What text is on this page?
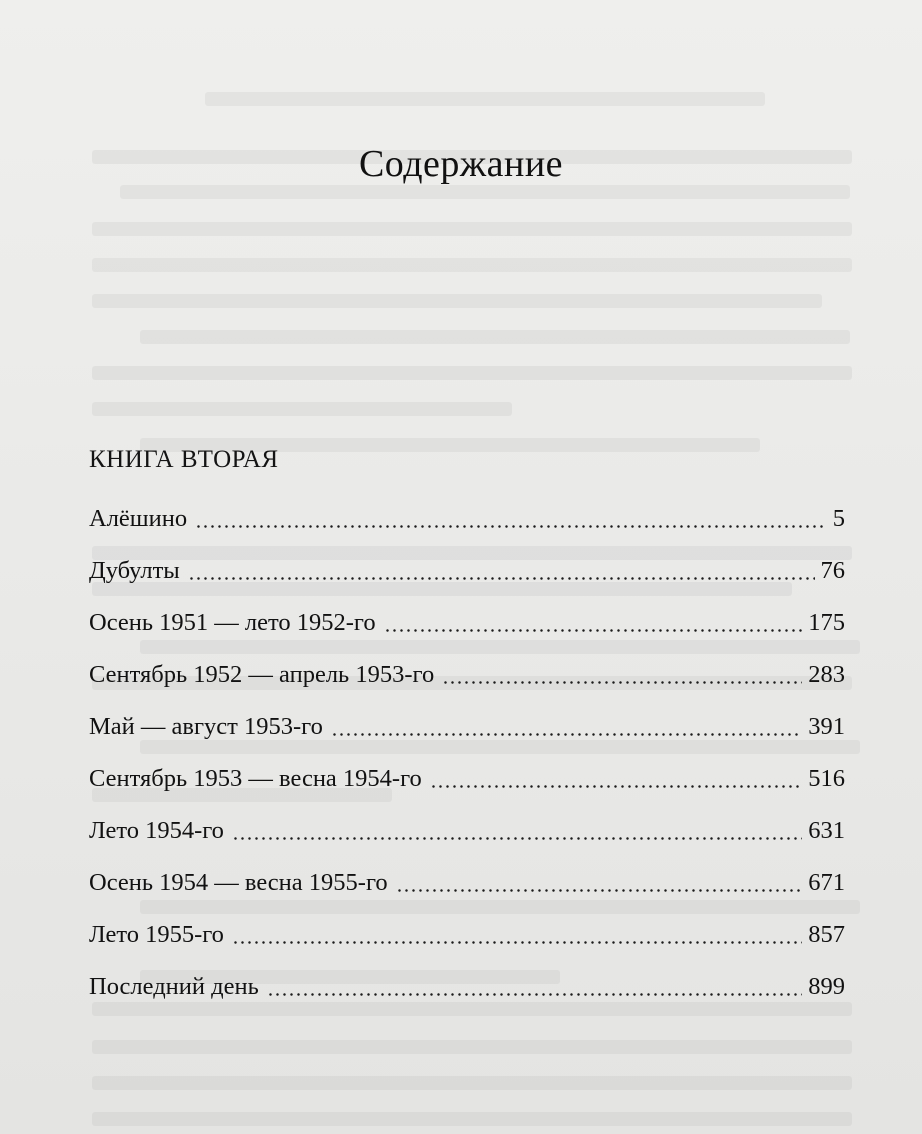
Содержание
КНИГА ВТОРАЯ
Алёшино	5
Дубулты	76
Осень 1951 — лето 1952-го	175
Сентябрь 1952 — апрель 1953-го	283
Май — август 1953-го	391
Сентябрь 1953 — весна 1954-го	516
Лето 1954-го	631
Осень 1954 — весна 1955-го	671
Лето 1955-го	857
Последний день	899
